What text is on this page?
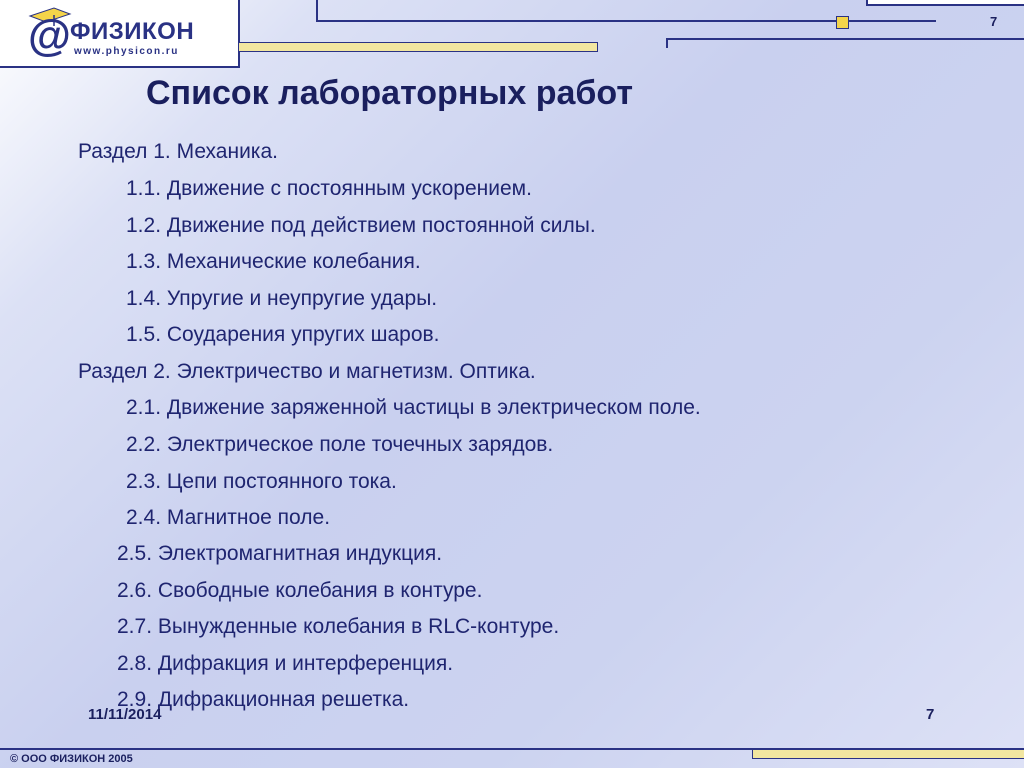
7
@ ФИЗИКОН
www.physicon.ru
Список лабораторных работ
Раздел 1. Механика.
1.1. Движение с постоянным ускорением.
1.2. Движение под действием постоянной силы.
1.3. Механические колебания.
1.4. Упругие и неупругие удары.
1.5. Соударения упругих шаров.
Раздел 2. Электричество и магнетизм. Оптика.
2.1. Движение заряженной частицы в электрическом поле.
2.2. Электрическое поле точечных зарядов.
2.3. Цепи постоянного тока.
2.4. Магнитное поле.
2.5. Электромагнитная индукция.
2.6. Свободные колебания в контуре.
2.7. Вынужденные колебания в RLC-контуре.
2.8. Дифракция и интерференция.
2.9. Дифракционная решетка.
11/11/2014	7
© ООО ФИЗИКОН 2005
